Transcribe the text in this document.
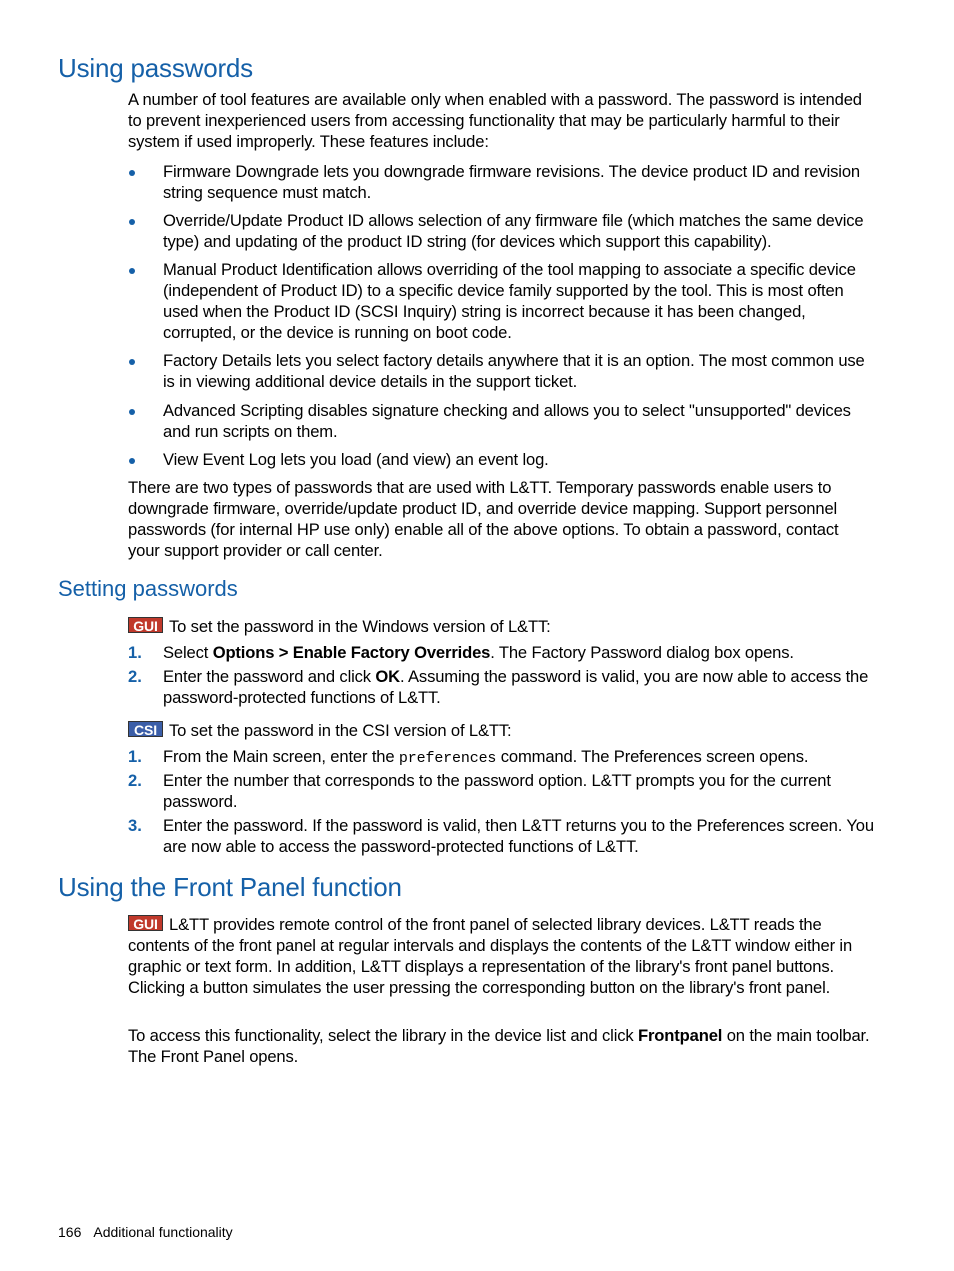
Using passwords

A number of tool features are available only when enabled with a password. The password is intended to prevent inexperienced users from accessing functionality that may be particularly harmful to their system if used improperly. These features include:

Firmware Downgrade lets you downgrade firmware revisions. The device product ID and revision string sequence must match.

Override/Update Product ID allows selection of any firmware file (which matches the same device type) and updating of the product ID string (for devices which support this capability).

Manual Product Identification allows overriding of the tool mapping to associate a specific device (independent of Product ID) to a specific device family supported by the tool. This is most often used when the Product ID (SCSI Inquiry) string is incorrect because it has been changed, corrupted, or the device is running on boot code.

Factory Details lets you select factory details anywhere that it is an option. The most common use is in viewing additional device details in the support ticket.

Advanced Scripting disables signature checking and allows you to select "unsupported" devices and run scripts on them.

View Event Log lets you load (and view) an event log.

There are two types of passwords that are used with L&TT. Temporary passwords enable users to downgrade firmware, override/update product ID, and override device mapping. Support personnel passwords (for internal HP use only) enable all of the above options. To obtain a password, contact your support provider or call center.

Setting passwords

GUI To set the password in the Windows version of L&TT:

1. Select Options > Enable Factory Overrides. The Factory Password dialog box opens.

2. Enter the password and click OK. Assuming the password is valid, you are now able to access the password-protected functions of L&TT.

CSI To set the password in the CSI version of L&TT:

1. From the Main screen, enter the preferences command. The Preferences screen opens.

2. Enter the number that corresponds to the password option. L&TT prompts you for the current password.

3. Enter the password. If the password is valid, then L&TT returns you to the Preferences screen. You are now able to access the password-protected functions of L&TT.

Using the Front Panel function

GUI L&TT provides remote control of the front panel of selected library devices. L&TT reads the contents of the front panel at regular intervals and displays the contents of the L&TT window either in graphic or text form. In addition, L&TT displays a representation of the library's front panel buttons. Clicking a button simulates the user pressing the corresponding button on the library's front panel.

To access this functionality, select the library in the device list and click Frontpanel on the main toolbar. The Front Panel opens.

166 Additional functionality
